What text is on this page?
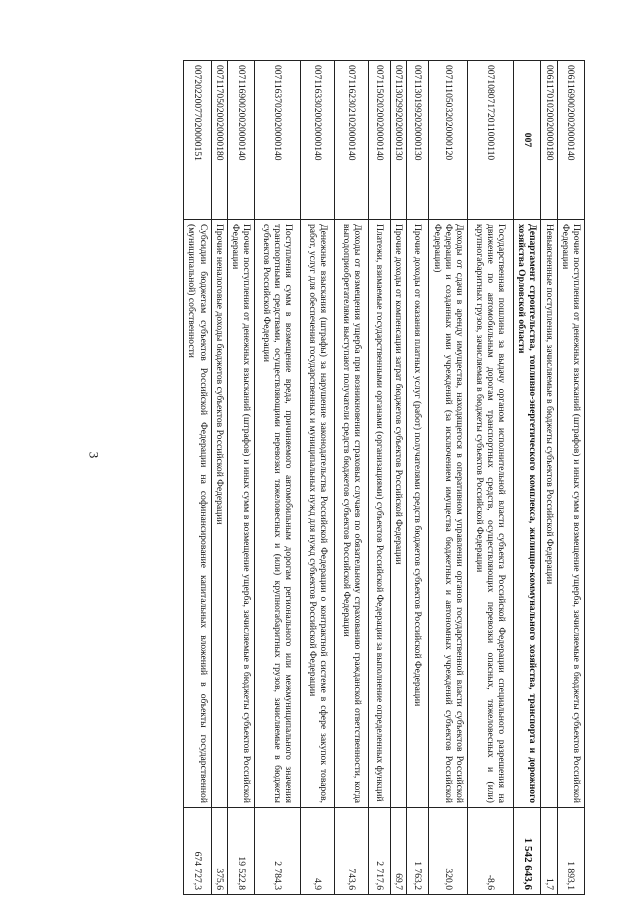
3
00611690020020000140	Прочие поступления от денежных взысканий (штрафов) и иных сумм в возмещение ущерба, зачисляемые в бюджеты субъектов Российской Федерации	1 893,1
00611701020020000180	Невыясненные поступления, зачисляемые в бюджеты субъектов Российской Федерации	1,7
007	Департамент строительства, топливно-энергетического комплекса, жилищно-коммунального хозяйства, транспорта и дорожного хозяйства Орловской области	1 542 643,6
00710807172011000110	Государственная пошлина за выдачу органом исполнительной власти субъекта Российской Федерации специального разрешения на движение по автомобильным дорогам транспортных средств, осуществляющих перевозки опасных, тяжеловесных и (или) крупногабаритных грузов, зачисляемая в бюджеты субъектов Российской Федерации	-8,6
00711105032020000120	Доходы от сдачи в аренду имущества, находящегося в оперативном управлении органов государственной власти субъектов Российской Федерации и созданных ими учреждений (за исключением имущества бюджетных и автономных учреждений субъектов Российской Федерации)	320,0
00711301992020000130	Прочие доходы от оказания платных услуг (работ) получателями средств бюджетов субъектов Российской Федерации	1 763,2
00711302992020000130	Прочие доходы от компенсации затрат бюджетов субъектов Российской Федерации	69,7
00711502020020000140	Платежи, взимаемые государственными органами (организациями) субъектов Российской Федерации за выполнение определенных функций	2 717,6
00711623021020000140	Доходы от возмещения ущерба при возникновении страховых случаев по обязательному страхованию гражданской ответственности, когда выгодоприобретателями выступают получатели средств бюджетов субъектов Российской Федерации	743,6
00711633020020000140	Денежные взыскания (штрафы) за нарушение законодательства Российской Федерации о контрактной системе в сфере закупок товаров, работ, услуг для обеспечения государственных и муниципальных нужд для нужд субъектов Российской Федерации	4,9
00711637020020000140	Поступления сумм в возмещение вреда, причиняемого автомобильным дорогам регионального или межмуниципального значения транспортными средствами, осуществляющими перевозки тяжеловесных и (или) крупногабаритных грузов, зачисляемые в бюджеты субъектов Российской Федерации	2 784,3
00711690020020000140	Прочие поступления от денежных взысканий (штрафов) и иных сумм в возмещение ущерба, зачисляемые в бюджеты субъектов Российской Федерации	19 522,8
00711705020020000180	Прочие неналоговые доходы бюджетов субъектов Российской Федерации	375,6
00720220077020000151	Субсидии бюджетам субъектов Российской Федерации на софинансирование капитальных вложений в объекты государственной (муниципальной) собственности	674 727,3
